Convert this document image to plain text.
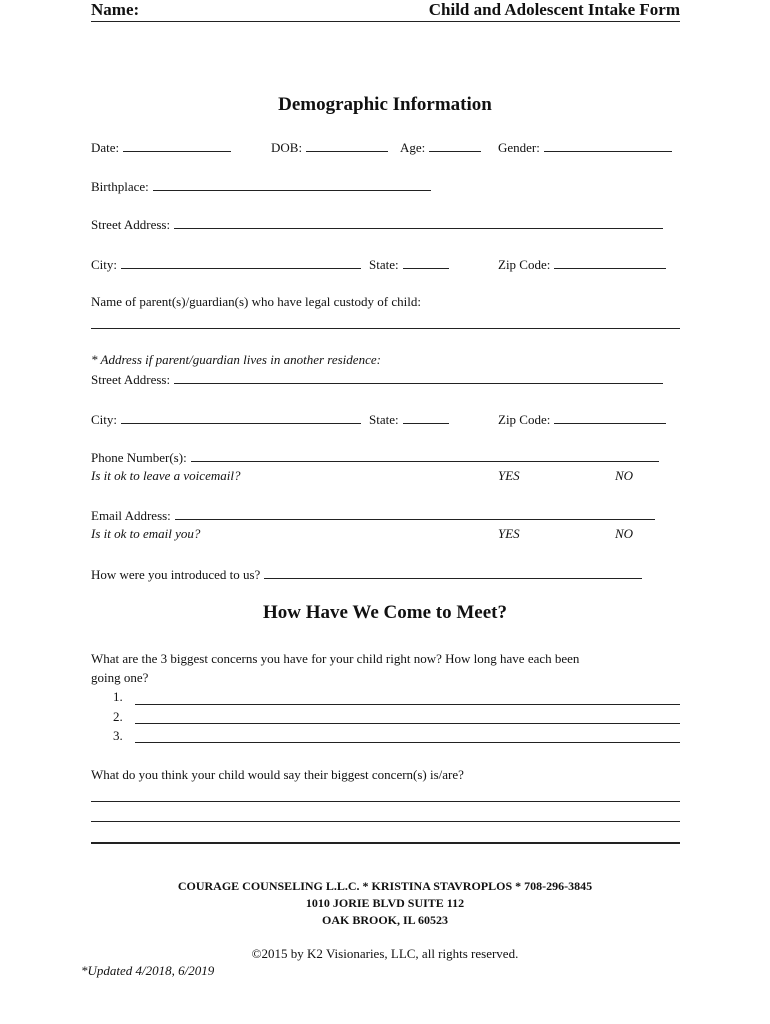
Name:	Child and Adolescent Intake Form
Demographic Information
Date:	DOB:	Age:	Gender:
Birthplace:
Street Address:
City:	State:	Zip Code:
Name of parent(s)/guardian(s) who have legal custody of child:
* Address if parent/guardian lives in another residence:
Street Address:
City:	State:	Zip Code:
Phone Number(s):
Is it ok to leave a voicemail?	YES	NO
Email Address:
Is it ok to email you?	YES	NO
How were you introduced to us?
How Have We Come to Meet?
What are the 3 biggest concerns you have for your child right now? How long have each been
going one?
1.
2.
3.
What do you think your child would say their biggest concern(s) is/are?
COURAGE COUNSELING L.L.C. * KRISTINA STAVROPLOS * 708-296-3845
1010 JORIE BLVD SUITE 112
OAK BROOK, IL 60523
©2015 by K2 Visionaries, LLC, all rights reserved.
*Updated 4/2018, 6/2019
